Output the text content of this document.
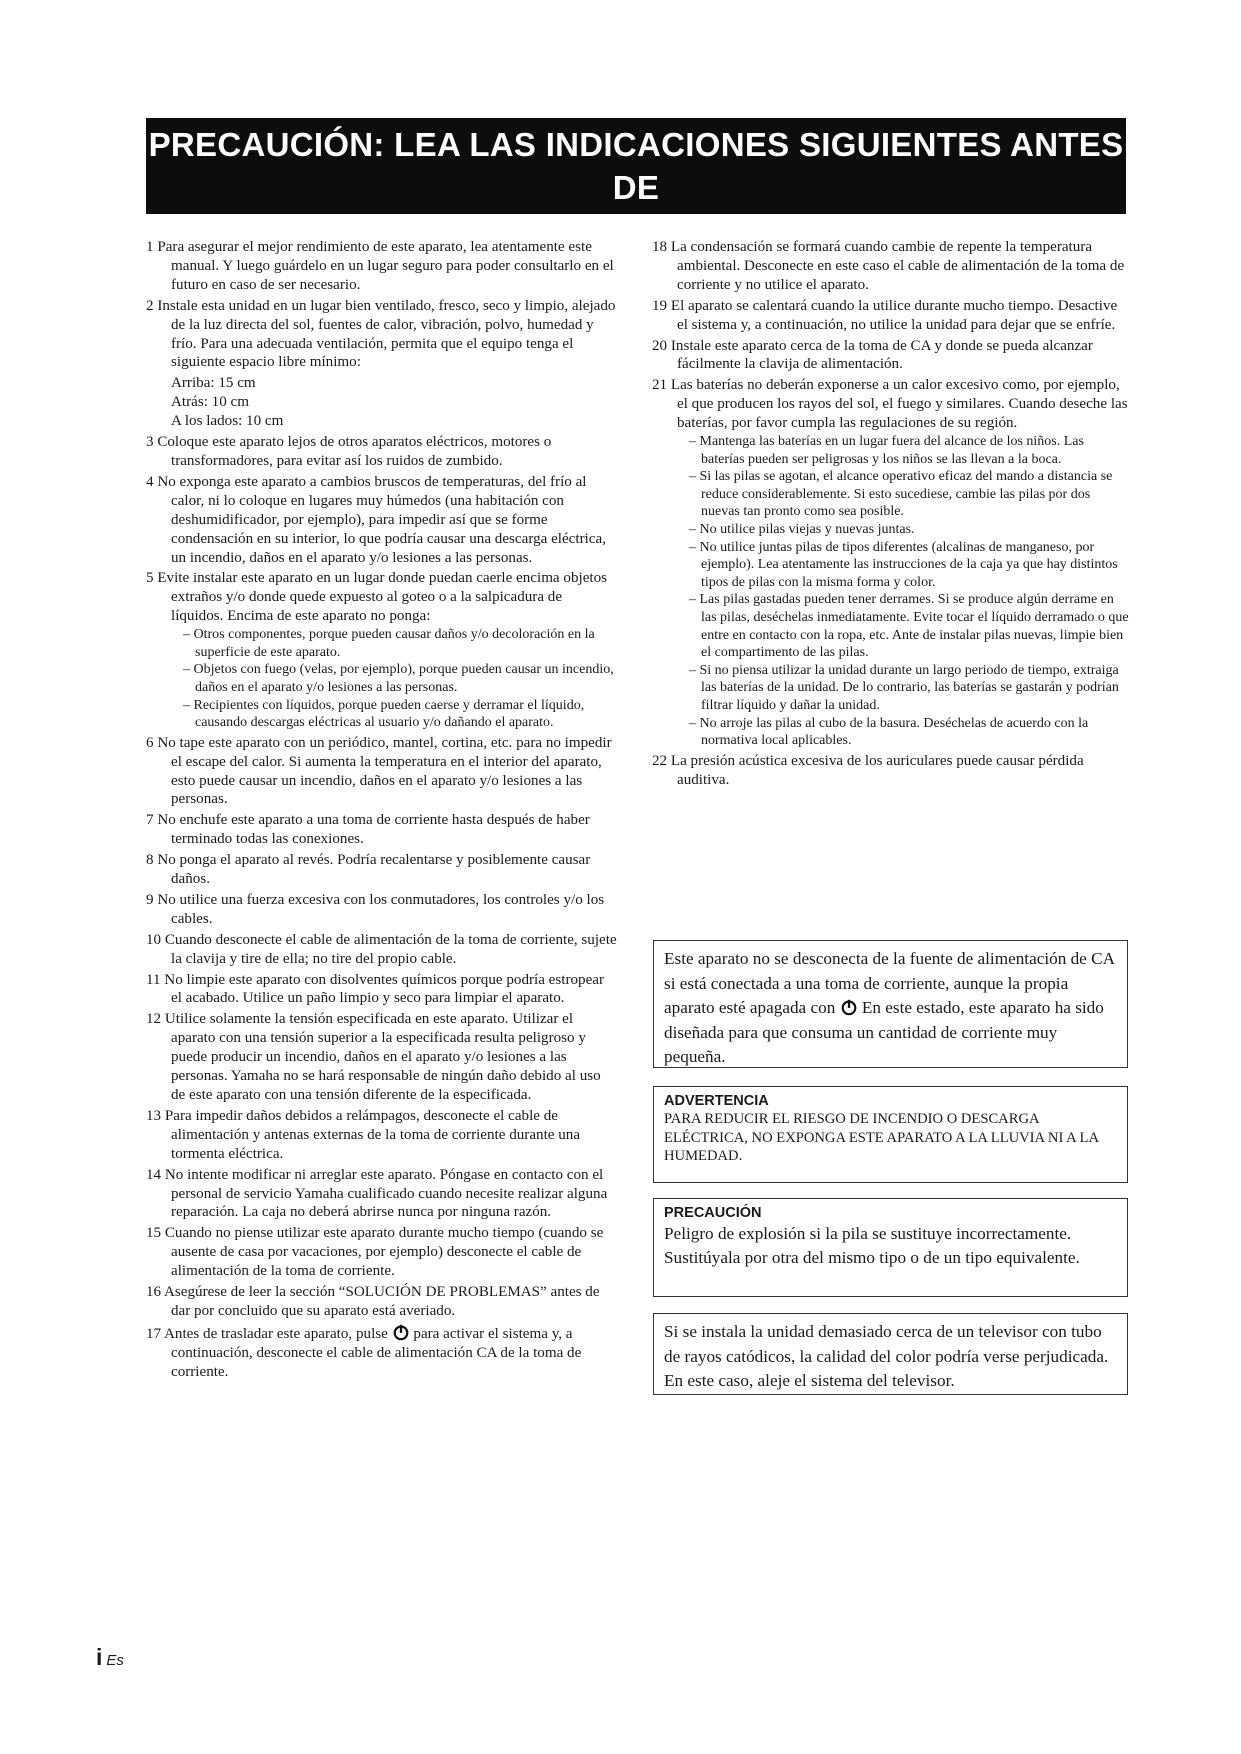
PRECAUCIÓN: LEA LAS INDICACIONES SIGUIENTES ANTES DE
UTILIZAR ESTE APARATO.

1 Para asegurar el mejor rendimiento de este aparato, lea atentamente este manual. Y luego guárdelo en un lugar seguro para poder consultarlo en el futuro en caso de ser necesario.

2 Instale esta unidad en un lugar bien ventilado, fresco, seco y limpio, alejado de la luz directa del sol, fuentes de calor, vibración, polvo, humedad y frío. Para una adecuada ventilación, permita que el equipo tenga el siguiente espacio libre mínimo:

Arriba: 15 cm
Atrás: 10 cm
A los lados: 10 cm

3 Coloque este aparato lejos de otros aparatos eléctricos, motores o transformadores, para evitar así los ruidos de zumbido.

4 No exponga este aparato a cambios bruscos de temperaturas, del frío al calor, ni lo coloque en lugares muy húmedos (una habitación con deshumidificador, por ejemplo), para impedir así que se forme condensación en su interior, lo que podría causar una descarga eléctrica, un incendio, daños en el aparato y/o lesiones a las personas.

5 Evite instalar este aparato en un lugar donde puedan caerle encima objetos extraños y/o donde quede expuesto al goteo o a la salpicadura de líquidos. Encima de este aparato no ponga:

– Otros componentes, porque pueden causar daños y/o decoloración en la superficie de este aparato.
– Objetos con fuego (velas, por ejemplo), porque pueden causar un incendio, daños en el aparato y/o lesiones a las personas.
– Recipientes con líquidos, porque pueden caerse y derramar el líquido, causando descargas eléctricas al usuario y/o dañando el aparato.

6 No tape este aparato con un periódico, mantel, cortina, etc. para no impedir el escape del calor. Si aumenta la temperatura en el interior del aparato, esto puede causar un incendio, daños en el aparato y/o lesiones a las personas.

7 No enchufe este aparato a una toma de corriente hasta después de haber terminado todas las conexiones.

8 No ponga el aparato al revés. Podría recalentarse y posiblemente causar daños.

9 No utilice una fuerza excesiva con los conmutadores, los controles y/o los cables.

10 Cuando desconecte el cable de alimentación de la toma de corriente, sujete la clavija y tire de ella; no tire del propio cable.

11 No limpie este aparato con disolventes químicos porque podría estropear el acabado. Utilice un paño limpio y seco para limpiar el aparato.

12 Utilice solamente la tensión especificada en este aparato. Utilizar el aparato con una tensión superior a la especificada resulta peligroso y puede producir un incendio, daños en el aparato y/o lesiones a las personas. Yamaha no se hará responsable de ningún daño debido al uso de este aparato con una tensión diferente de la especificada.

13 Para impedir daños debidos a relámpagos, desconecte el cable de alimentación y antenas externas de la toma de corriente durante una tormenta eléctrica.

14 No intente modificar ni arreglar este aparato. Póngase en contacto con el personal de servicio Yamaha cualificado cuando necesite realizar alguna reparación. La caja no deberá abrirse nunca por ninguna razón.

15 Cuando no piense utilizar este aparato durante mucho tiempo (cuando se ausente de casa por vacaciones, por ejemplo) desconecte el cable de alimentación de la toma de corriente.

16 Asegúrese de leer la sección “SOLUCIÓN DE PROBLEMAS” antes de dar por concluido que su aparato está averiado.

17 Antes de trasladar este aparato, pulse para activar el sistema y, a continuación, desconecte el cable de alimentación CA de la toma de corriente.

18 La condensación se formará cuando cambie de repente la temperatura ambiental. Desconecte en este caso el cable de alimentación de la toma de corriente y no utilice el aparato.

19 El aparato se calentará cuando la utilice durante mucho tiempo. Desactive el sistema y, a continuación, no utilice la unidad para dejar que se enfríe.

20 Instale este aparato cerca de la toma de CA y donde se pueda alcanzar fácilmente la clavija de alimentación.

21 Las baterías no deberán exponerse a un calor excesivo como, por ejemplo, el que producen los rayos del sol, el fuego y similares. Cuando deseche las baterías, por favor cumpla las regulaciones de su región.

– Mantenga las baterías en un lugar fuera del alcance de los niños. Las baterías pueden ser peligrosas y los niños se las llevan a la boca.
– Si las pilas se agotan, el alcance operativo eficaz del mando a distancia se reduce considerablemente. Si esto sucediese, cambie las pilas por dos nuevas tan pronto como sea posible.
– No utilice pilas viejas y nuevas juntas.
– No utilice juntas pilas de tipos diferentes (alcalinas de manganeso, por ejemplo). Lea atentamente las instrucciones de la caja ya que hay distintos tipos de pilas con la misma forma y color.
– Las pilas gastadas pueden tener derrames. Si se produce algún derrame en las pilas, deséchelas inmediatamente. Evite tocar el líquido derramado o que entre en contacto con la ropa, etc. Ante de instalar pilas nuevas, limpie bien el compartimento de las pilas.
– Si no piensa utilizar la unidad durante un largo periodo de tiempo, extraiga las baterías de la unidad. De lo contrario, las baterías se gastarán y podrían filtrar líquido y dañar la unidad.
– No arroje las pilas al cubo de la basura. Deséchelas de acuerdo con la normativa local aplicables.

22 La presión acústica excesiva de los auriculares puede causar pérdida auditiva.

Este aparato no se desconecta de la fuente de alimentación de CA si está conectada a una toma de corriente, aunque la propia aparato esté apagada con En este estado, este aparato ha sido diseñada para que consuma un cantidad de corriente muy pequeña.
ADVERTENCIA
PARA REDUCIR EL RIESGO DE INCENDIO O DESCARGA ELÉCTRICA, NO EXPONGA ESTE APARATO A LA LLUVIA NI A LA HUMEDAD.
PRECAUCIÓN
Peligro de explosión si la pila se sustituye incorrectamente. Sustitúyala por otra del mismo tipo o de un tipo equivalente.
Si se instala la unidad demasiado cerca de un televisor con tubo de rayos catódicos, la calidad del color podría verse perjudicada. En este caso, aleje el sistema del televisor.
i Es
